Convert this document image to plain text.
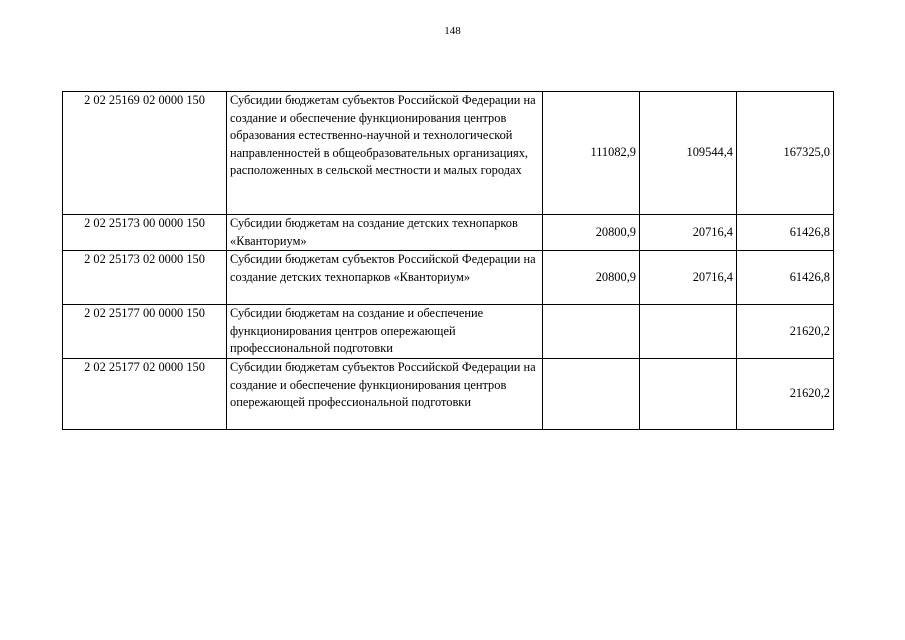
148
2 02 25169 02 0000 150	Субсидии бюджетам субъектов Российской Федерации на создание и обеспечение функционирования центров образования естественно-научной и технологической направленностей в общеобразовательных организациях, расположенных в сельской местности и малых городах	111082,9	109544,4	167325,0
2 02 25173 00 0000 150	Субсидии бюджетам на создание детских технопарков «Кванториум»	20800,9	20716,4	61426,8
2 02 25173 02 0000 150	Субсидии бюджетам субъектов Российской Федерации на создание детских технопарков «Кванториум»	20800,9	20716,4	61426,8
2 02 25177 00 0000 150	Субсидии бюджетам на создание и обеспечение функционирования центров опережающей профессиональной подготовки			21620,2
2 02 25177 02 0000 150	Субсидии бюджетам субъектов Российской Федерации на создание и обеспечение функционирования центров опережающей профессиональной подготовки			21620,2
